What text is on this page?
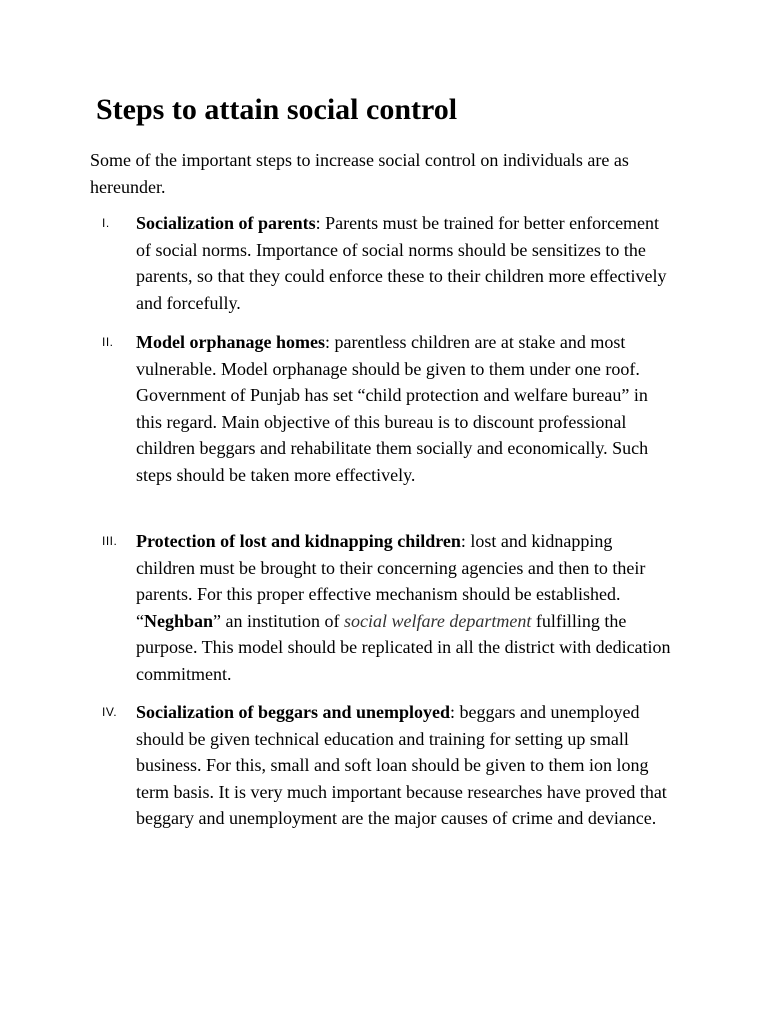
Steps to attain social control

Some of the important steps to increase social control on individuals are as hereunder.

I. Socialization of parents: Parents must be trained for better enforcement of social norms. Importance of social norms should be sensitizes to the parents, so that they could enforce these to their children more effectively and forcefully.

II. Model orphanage homes: parentless children are at stake and most vulnerable. Model orphanage should be given to them under one roof. Government of Punjab has set “child protection and welfare bureau” in this regard. Main objective of this bureau is to discount professional children beggars and rehabilitate them socially and economically. Such steps should be taken more effectively.

III. Protection of lost and kidnapping children: lost and kidnapping children must be brought to their concerning agencies and then to their parents. For this proper effective mechanism should be established. “Neghban” an institution of social welfare department fulfilling the purpose. This model should be replicated in all the district with dedication commitment.

IV. Socialization of beggars and unemployed: beggars and unemployed should be given technical education and training for setting up small business. For this, small and soft loan should be given to them ion long term basis. It is very much important because researches have proved that beggary and unemployment are the major causes of crime and deviance.
